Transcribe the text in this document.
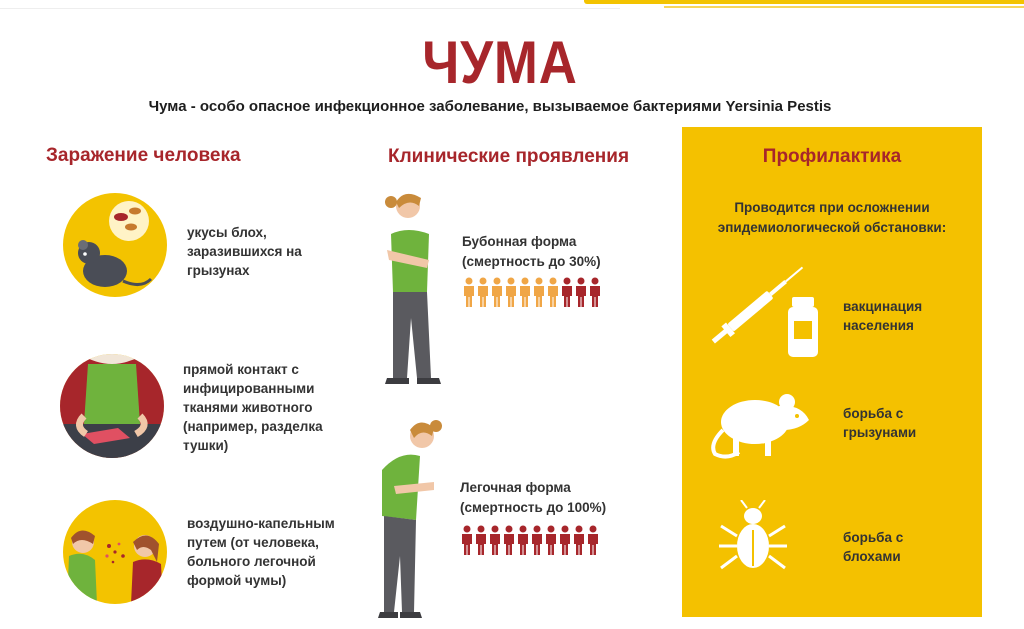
ЧУМА
Чума - особо опасное инфекционное заболевание, вызываемое бактериями Yersinia Pestis
Заражение человека
укусы блох, заразившихся на грызунах
прямой контакт с инфицированными тканями животного (например, разделка тушки)
воздушно-капельным путем (от человека, больного легочной формой чумы)
Клинические проявления
Бубонная форма
(смертность до 30%)
Легочная форма
(смертность до 100%)
Профилактика
Проводится при осложнении эпидемиологической обстановки:
вакцинация населения
борьба с грызунами
борьба с блохами
